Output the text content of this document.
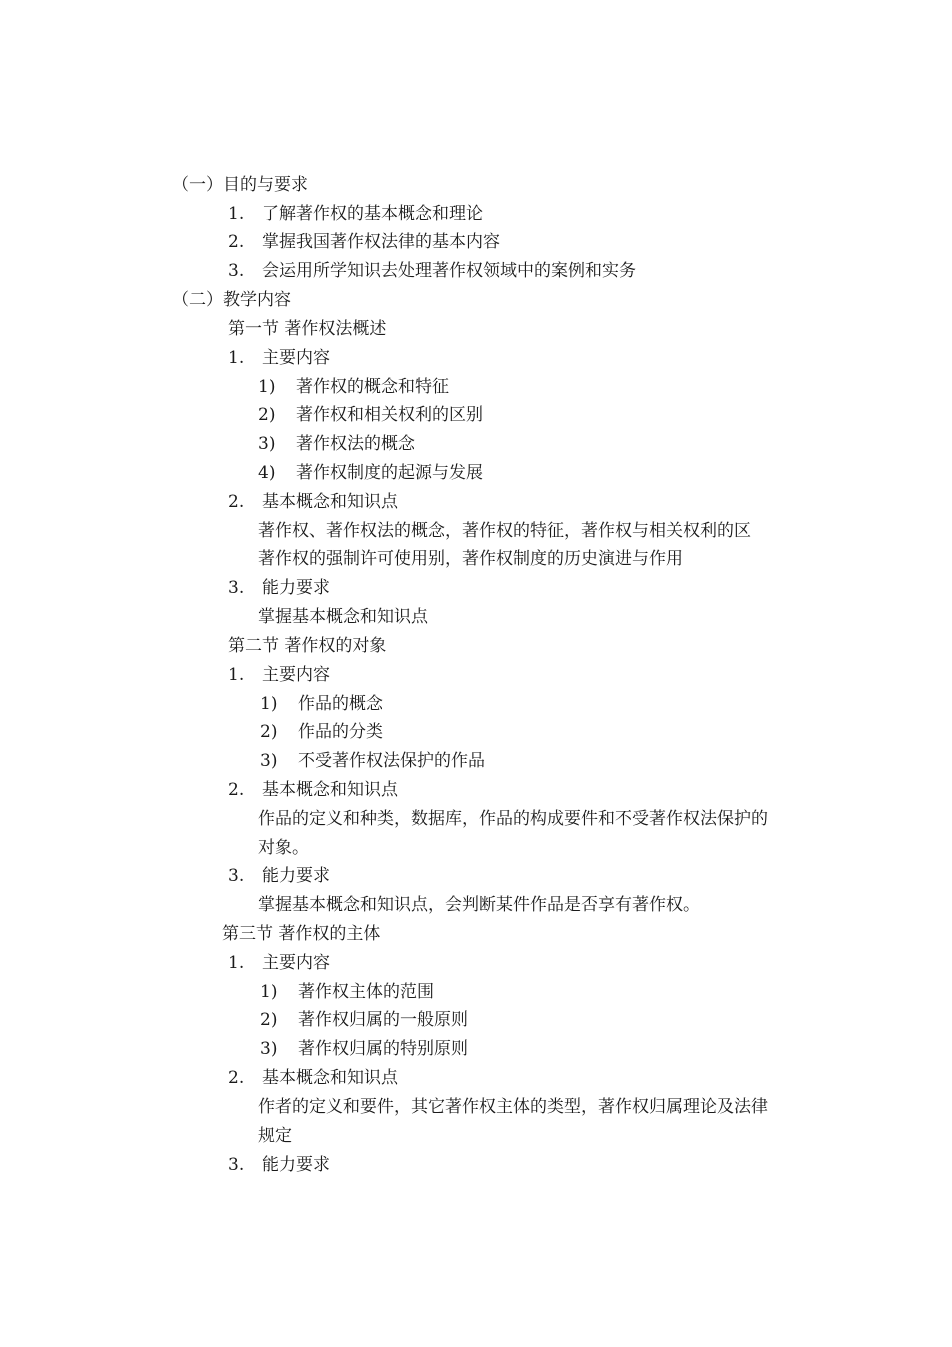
（一）目的与要求
1. 了解著作权的基本概念和理论
2. 掌握我国著作权法律的基本内容
3. 会运用所学知识去处理著作权领域中的案例和实务
（二）教学内容
第一节 著作权法概述
1. 主要内容
1) 著作权的概念和特征
2) 著作权和相关权利的区别
3) 著作权法的概念
4) 著作权制度的起源与发展
2. 基本概念和知识点
著作权、著作权法的概念，著作权的特征，著作权与相关权利的区
著作权的强制许可使用别，著作权制度的历史演进与作用
3. 能力要求
掌握基本概念和知识点
第二节 著作权的对象
1. 主要内容
1) 作品的概念
2) 作品的分类
3) 不受著作权法保护的作品
2. 基本概念和知识点
作品的定义和种类，数据库，作品的构成要件和不受著作权法保护的
对象。
3. 能力要求
掌握基本概念和知识点，会判断某件作品是否享有著作权。
第三节 著作权的主体
1. 主要内容
1) 著作权主体的范围
2) 著作权归属的一般原则
3) 著作权归属的特别原则
2. 基本概念和知识点
作者的定义和要件，其它著作权主体的类型，著作权归属理论及法律
规定
3. 能力要求
